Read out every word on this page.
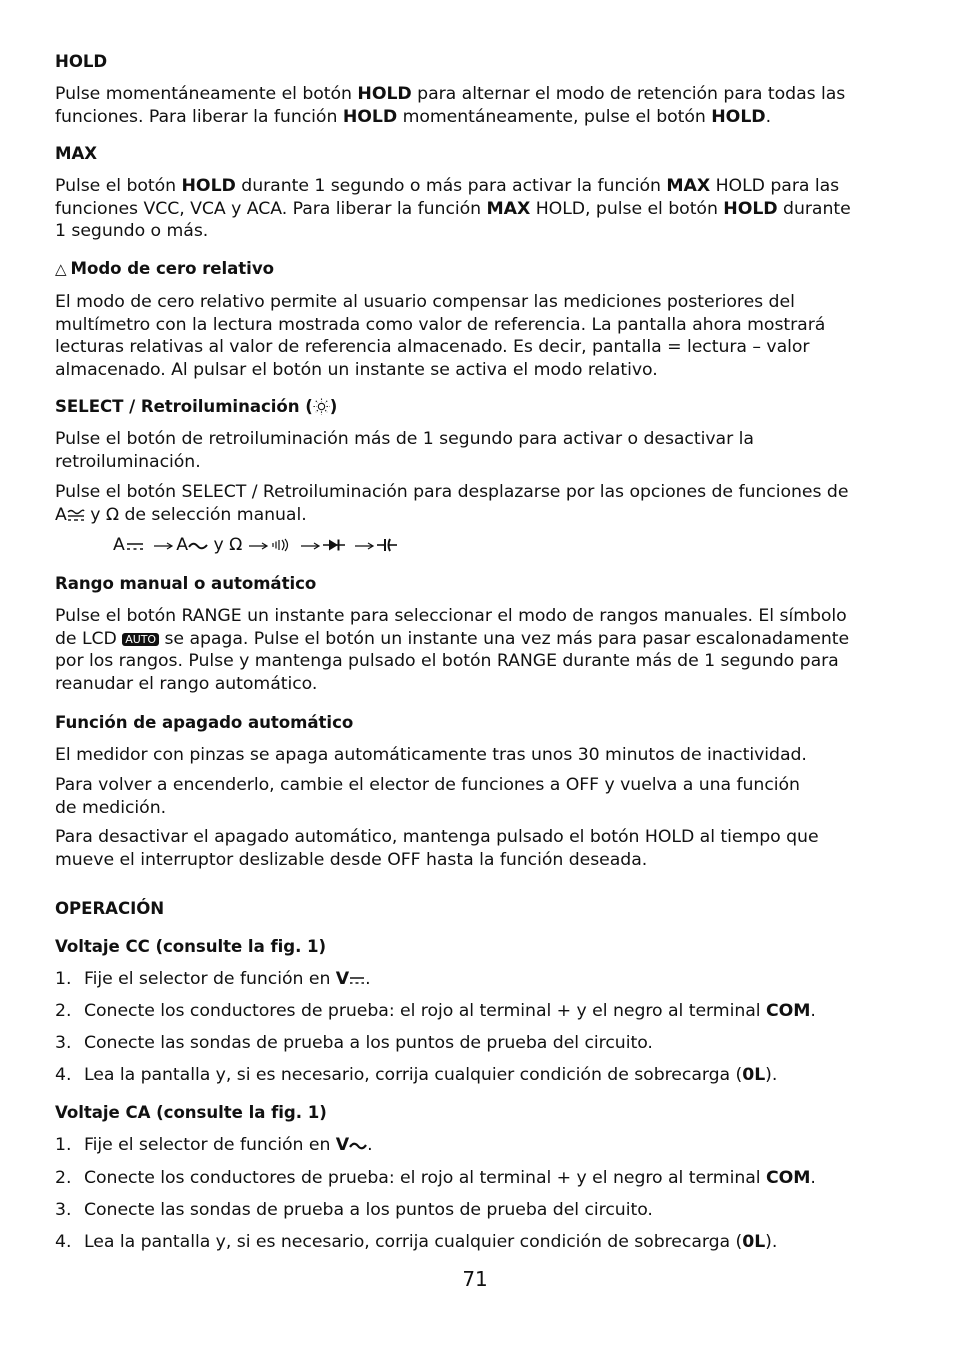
HOLD

Pulse momentáneamente el botón HOLD para alternar el modo de retención para todas las

funciones. Para liberar la función HOLD momentáneamente, pulse el botón HOLD.

MAX

Pulse el botón HOLD durante 1 segundo o más para activar la función MAX HOLD para las

funciones VCC, VCA y ACA. Para liberar la función MAX HOLD, pulse el botón HOLD durante

1 segundo o más.

△ Modo de cero relativo

El modo de cero relativo permite al usuario compensar las mediciones posteriores del

multímetro con la lectura mostrada como valor de referencia. La pantalla ahora mostrará

lecturas relativas al valor de referencia almacenado. Es decir, pantalla = lectura – valor

almacenado. Al pulsar el botón un instante se activa el modo relativo.

SELECT / Retroiluminación ( )

Pulse el botón de retroiluminación más de 1 segundo para activar o desactivar la

retroiluminación.

Pulse el botón SELECT / Retroiluminación para desplazarse por las opciones de funciones de

A y Ω de selección manual.

A	A y Ω
Rango manual o automático

Pulse el botón RANGE un instante para seleccionar el modo de rangos manuales. El símbolo

de LCD AUTO se apaga. Pulse el botón un instante una vez más para pasar escalonadamente

por los rangos. Pulse y mantenga pulsado el botón RANGE durante más de 1 segundo para

reanudar el rango automático.

Función de apagado automático

El medidor con pinzas se apaga automáticamente tras unos 30 minutos de inactividad.

Para volver a encenderlo, cambie el elector de funciones a OFF y vuelva a una función

de medición.

Para desactivar el apagado automático, mantenga pulsado el botón HOLD al tiempo que

mueve el interruptor deslizable desde OFF hasta la función deseada.

OPERACIÓN
Voltaje CC (consulte la fig. 1)
1. Fije el selector de función en V .
2. Conecte los conductores de prueba: el rojo al terminal + y el negro al terminal COM.
3. Conecte las sondas de prueba a los puntos de prueba del circuito.
4. Lea la pantalla y, si es necesario, corrija cualquier condición de sobrecarga (0L).
Voltaje CA (consulte la fig. 1)
1. Fije el selector de función en V .
2. Conecte los conductores de prueba: el rojo al terminal + y el negro al terminal COM.
3. Conecte las sondas de prueba a los puntos de prueba del circuito.
4. Lea la pantalla y, si es necesario, corrija cualquier condición de sobrecarga (0L).
71
